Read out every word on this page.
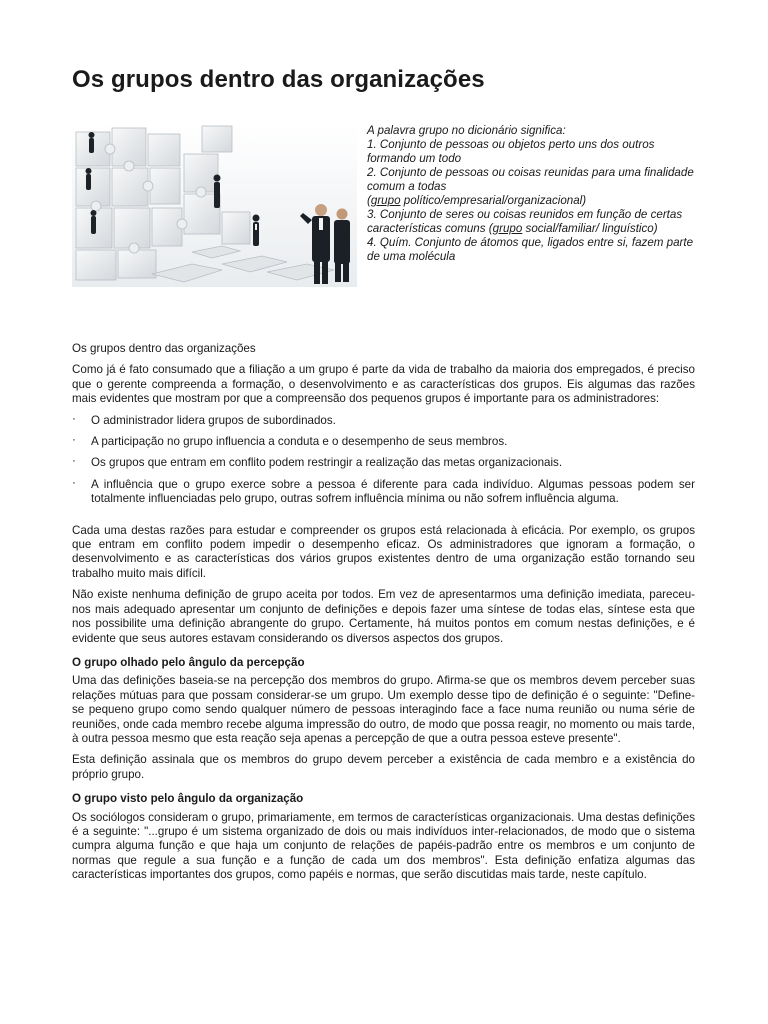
Os grupos dentro das organizações

A palavra grupo no dicionário significa:

1. Conjunto de pessoas ou objetos perto uns dos outros formando um todo

2. Conjunto de pessoas ou coisas reunidas para uma finalidade comum a todas

(grupo político/empresarial/organizacional)

3. Conjunto de seres ou coisas reunidos em função de certas características comuns (grupo social/familiar/ linguístico)

4. Quím. Conjunto de átomos que, ligados entre si, fazem parte de uma molécula

Os grupos dentro das organizações

Como já é fato consumado que a filiação a um grupo é parte da vida de trabalho da maioria dos empregados, é preciso que o gerente compreenda a formação, o desenvolvimento e as características dos grupos. Eis algumas das razões mais evidentes que mostram por que a compreensão dos pequenos grupos é importante para os administradores:

· O administrador lidera grupos de subordinados.

· A participação no grupo influencia a conduta e o desempenho de seus membros.

· Os grupos que entram em conflito podem restringir a realização das metas organizacionais.

· A influência que o grupo exerce sobre a pessoa é diferente para cada indivíduo. Algumas pessoas podem ser totalmente influenciadas pelo grupo, outras sofrem influência mínima ou não sofrem influência alguma.

Cada uma destas razões para estudar e compreender os grupos está relacionada à eficácia. Por exemplo, os grupos que entram em conflito podem impedir o desempenho eficaz. Os administradores que ignoram a formação, o desenvolvimento e as características dos vários grupos existentes dentro de uma organização estão tornando seu trabalho muito mais difícil.

Não existe nenhuma definição de grupo aceita por todos. Em vez de apresentarmos uma definição imediata, pareceu-nos mais adequado apresentar um conjunto de definições e depois fazer uma síntese de todas elas, síntese esta que nos possibilite uma definição abrangente do grupo. Certamente, há muitos pontos em comum nestas definições, e é evidente que seus autores estavam considerando os diversos aspectos dos grupos.

O grupo olhado pelo ângulo da percepção

Uma das definições baseia-se na percepção dos membros do grupo. Afirma-se que os membros devem perceber suas relações mútuas para que possam considerar-se um grupo. Um exemplo desse tipo de definição é o seguinte: "Define-se pequeno grupo como sendo qualquer número de pessoas interagindo face a face numa reunião ou numa série de reuniões, onde cada membro recebe alguma impressão do outro, de modo que possa reagir, no momento ou mais tarde, à outra pessoa mesmo que esta reação seja apenas a percepção de que a outra pessoa esteve presente".

Esta definição assinala que os membros do grupo devem perceber a existência de cada membro e a existência do próprio grupo.

O grupo visto pelo ângulo da organização

Os sociólogos consideram o grupo, primariamente, em termos de características organizacionais. Uma destas definições é a seguinte: "...grupo é um sistema organizado de dois ou mais indivíduos inter-relacionados, de modo que o sistema cumpra alguma função e que haja um conjunto de relações de papéis-padrão entre os membros e um conjunto de normas que regule a sua função e a função de cada um dos membros". Esta definição enfatiza algumas das características importantes dos grupos, como papéis e normas, que serão discutidas mais tarde, neste capítulo.
